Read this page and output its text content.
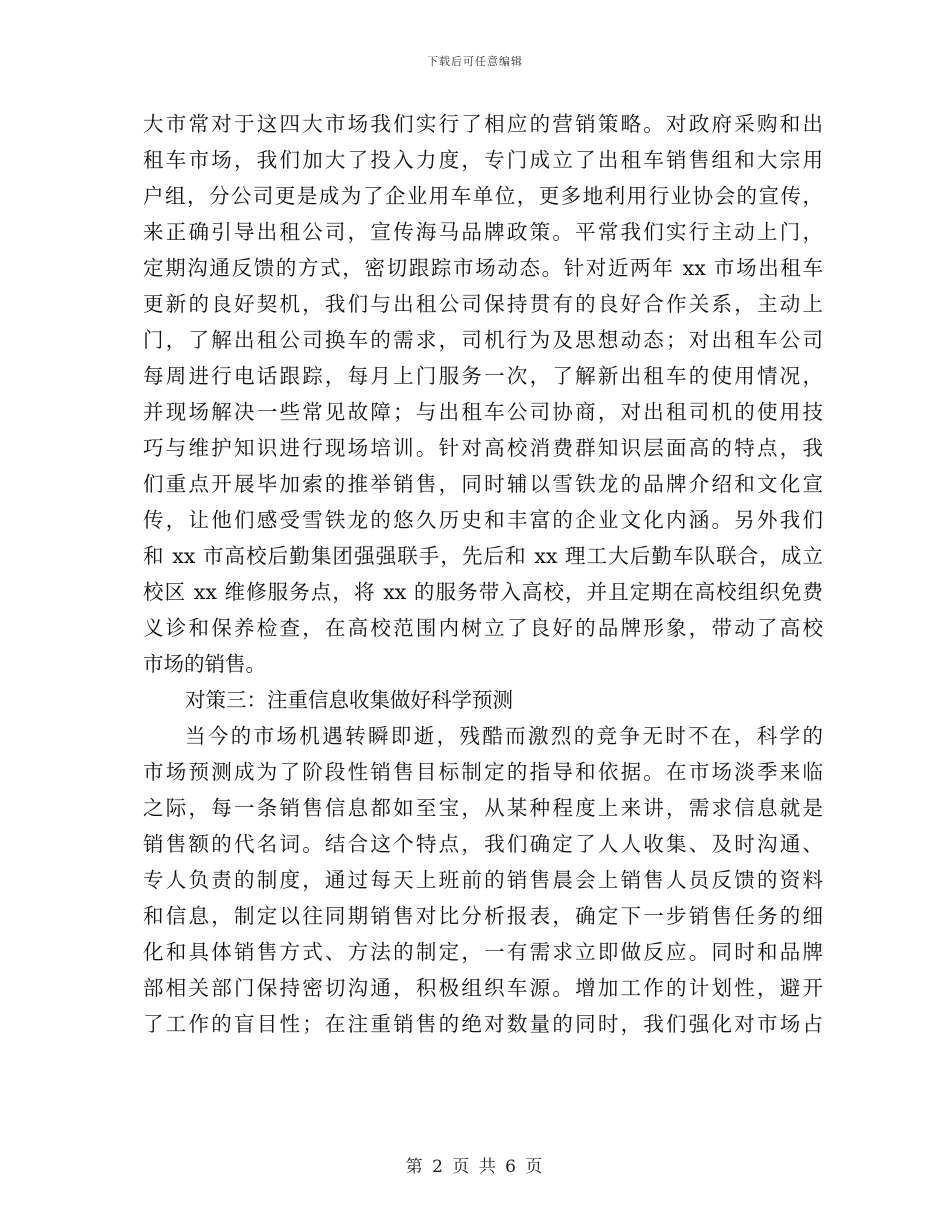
下载后可任意编辑
大市常对于这四大市场我们实行了相应的营销策略。对政府采购和出
租车市场，我们加大了投入力度，专门成立了出租车销售组和大宗用
户组，分公司更是成为了企业用车单位，更多地利用行业协会的宣传，
来正确引导出租公司，宣传海马品牌政策。平常我们实行主动上门，
定期沟通反馈的方式，密切跟踪市场动态。针对近两年 xx 市场出租车
更新的良好契机，我们与出租公司保持贯有的良好合作关系，主动上
门，了解出租公司换车的需求，司机行为及思想动态；对出租车公司
每周进行电话跟踪，每月上门服务一次，了解新出租车的使用情况，
并现场解决一些常见故障；与出租车公司协商，对出租司机的使用技
巧与维护知识进行现场培训。针对高校消费群知识层面高的特点，我
们重点开展毕加索的推举销售，同时辅以雪铁龙的品牌介绍和文化宣
传，让他们感受雪铁龙的悠久历史和丰富的企业文化内涵。另外我们
和 xx 市高校后勤集团强强联手，先后和 xx 理工大后勤车队联合，成立
校区 xx 维修服务点，将 xx 的服务带入高校，并且定期在高校组织免费
义诊和保养检查，在高校范围内树立了良好的品牌形象，带动了高校
市场的销售。
对策三：注重信息收集做好科学预测
当今的市场机遇转瞬即逝，残酷而激烈的竞争无时不在，科学的
市场预测成为了阶段性销售目标制定的指导和依据。在市场淡季来临
之际，每一条销售信息都如至宝，从某种程度上来讲，需求信息就是
销售额的代名词。结合这个特点，我们确定了人人收集、及时沟通、
专人负责的制度，通过每天上班前的销售晨会上销售人员反馈的资料
和信息，制定以往同期销售对比分析报表，确定下一步销售任务的细
化和具体销售方式、方法的制定，一有需求立即做反应。同时和品牌
部相关部门保持密切沟通，积极组织车源。增加工作的计划性，避开
了工作的盲目性；在注重销售的绝对数量的同时，我们强化对市场占
第 2 页 共 6 页
